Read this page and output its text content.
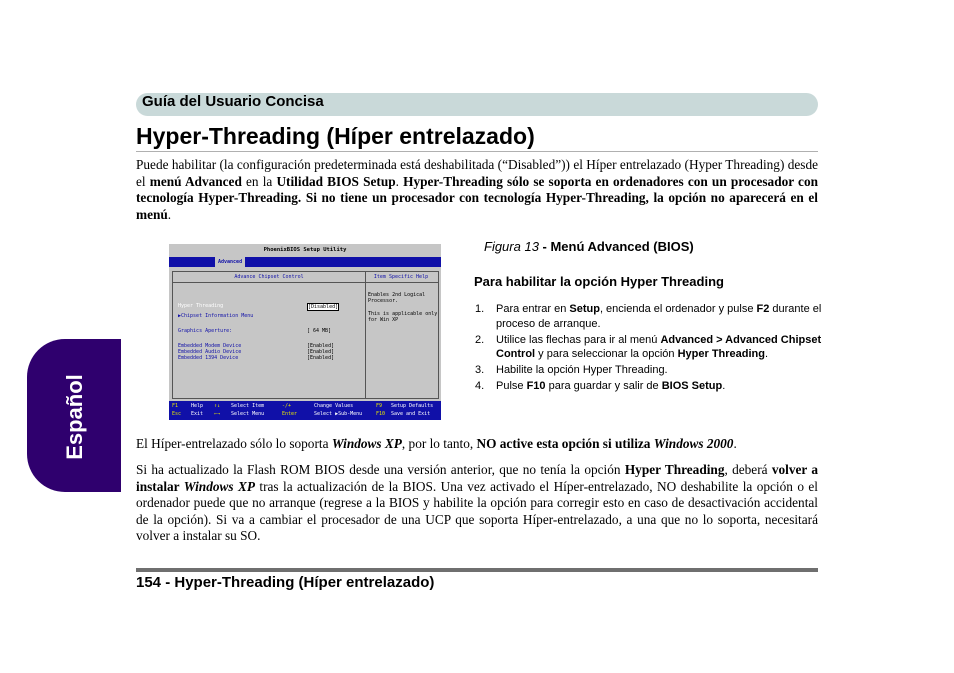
Guía del Usuario Concisa
Español
Hyper-Threading (Híper entrelazado)
Puede habilitar (la configuración predeterminada está deshabilitada (“Disabled”)) el Híper entrelazado (Hyper Threading) desde el menú Advanced en la Utilidad BIOS Setup. Hyper-Threading sólo se soporta en ordenadores con un procesador con tecnología Hyper-Threading. Si no tiene un procesador con tecnología Hyper-Threading, la opción no aparecerá en el menú.
PhoenixBIOS Setup Utility
Advanced
Advance Chipset Control
Hyper Threading	[Disabled]
▶Chipset Information Menu
Graphics Aperture:	[ 64 MB]
Embedded Modem Device	[Enabled]
Embedded Audio Device	[Enabled]
Embedded 1394 Device	[Enabled]
Item Specific Help
Enables 2nd Logical Processor.
This is applicable only for Win XP
F1	Help ↑↓ Select Item	-/+	Change Values	F9 Setup Defaults
Esc Exit ←→ Select Menu	Enter	Select ▶Sub-Menu	F10 Save and Exit
Figura 13 - Menú Advanced (BIOS)
Para habilitar la opción Hyper Threading
1. Para entrar en Setup, encienda el ordenador y pulse F2 durante el proceso de arranque.
2. Utilice las flechas para ir al menú Advanced > Advanced Chipset Control y para seleccionar la opción Hyper Threading.
3. Habilite la opción Hyper Threading.
4. Pulse F10 para guardar y salir de BIOS Setup.
El Híper-entrelazado sólo lo soporta Windows XP, por lo tanto, NO active esta opción si utiliza Windows 2000.
Si ha actualizado la Flash ROM BIOS desde una versión anterior, que no tenía la opción Hyper Threading, deberá volver a instalar Windows XP tras la actualización de la BIOS. Una vez activado el Híper-entrelazado, NO deshabilite la opción o el ordenador puede que no arranque (regrese a la BIOS y habilite la opción para corregir esto en caso de desactivación accidental de la opción). Si va a cambiar el procesador de una UCP que soporta Híper-entrelazado, a una que no lo soporta, necesitará volver a instalar su SO.
154 - Hyper-Threading (Híper entrelazado)
